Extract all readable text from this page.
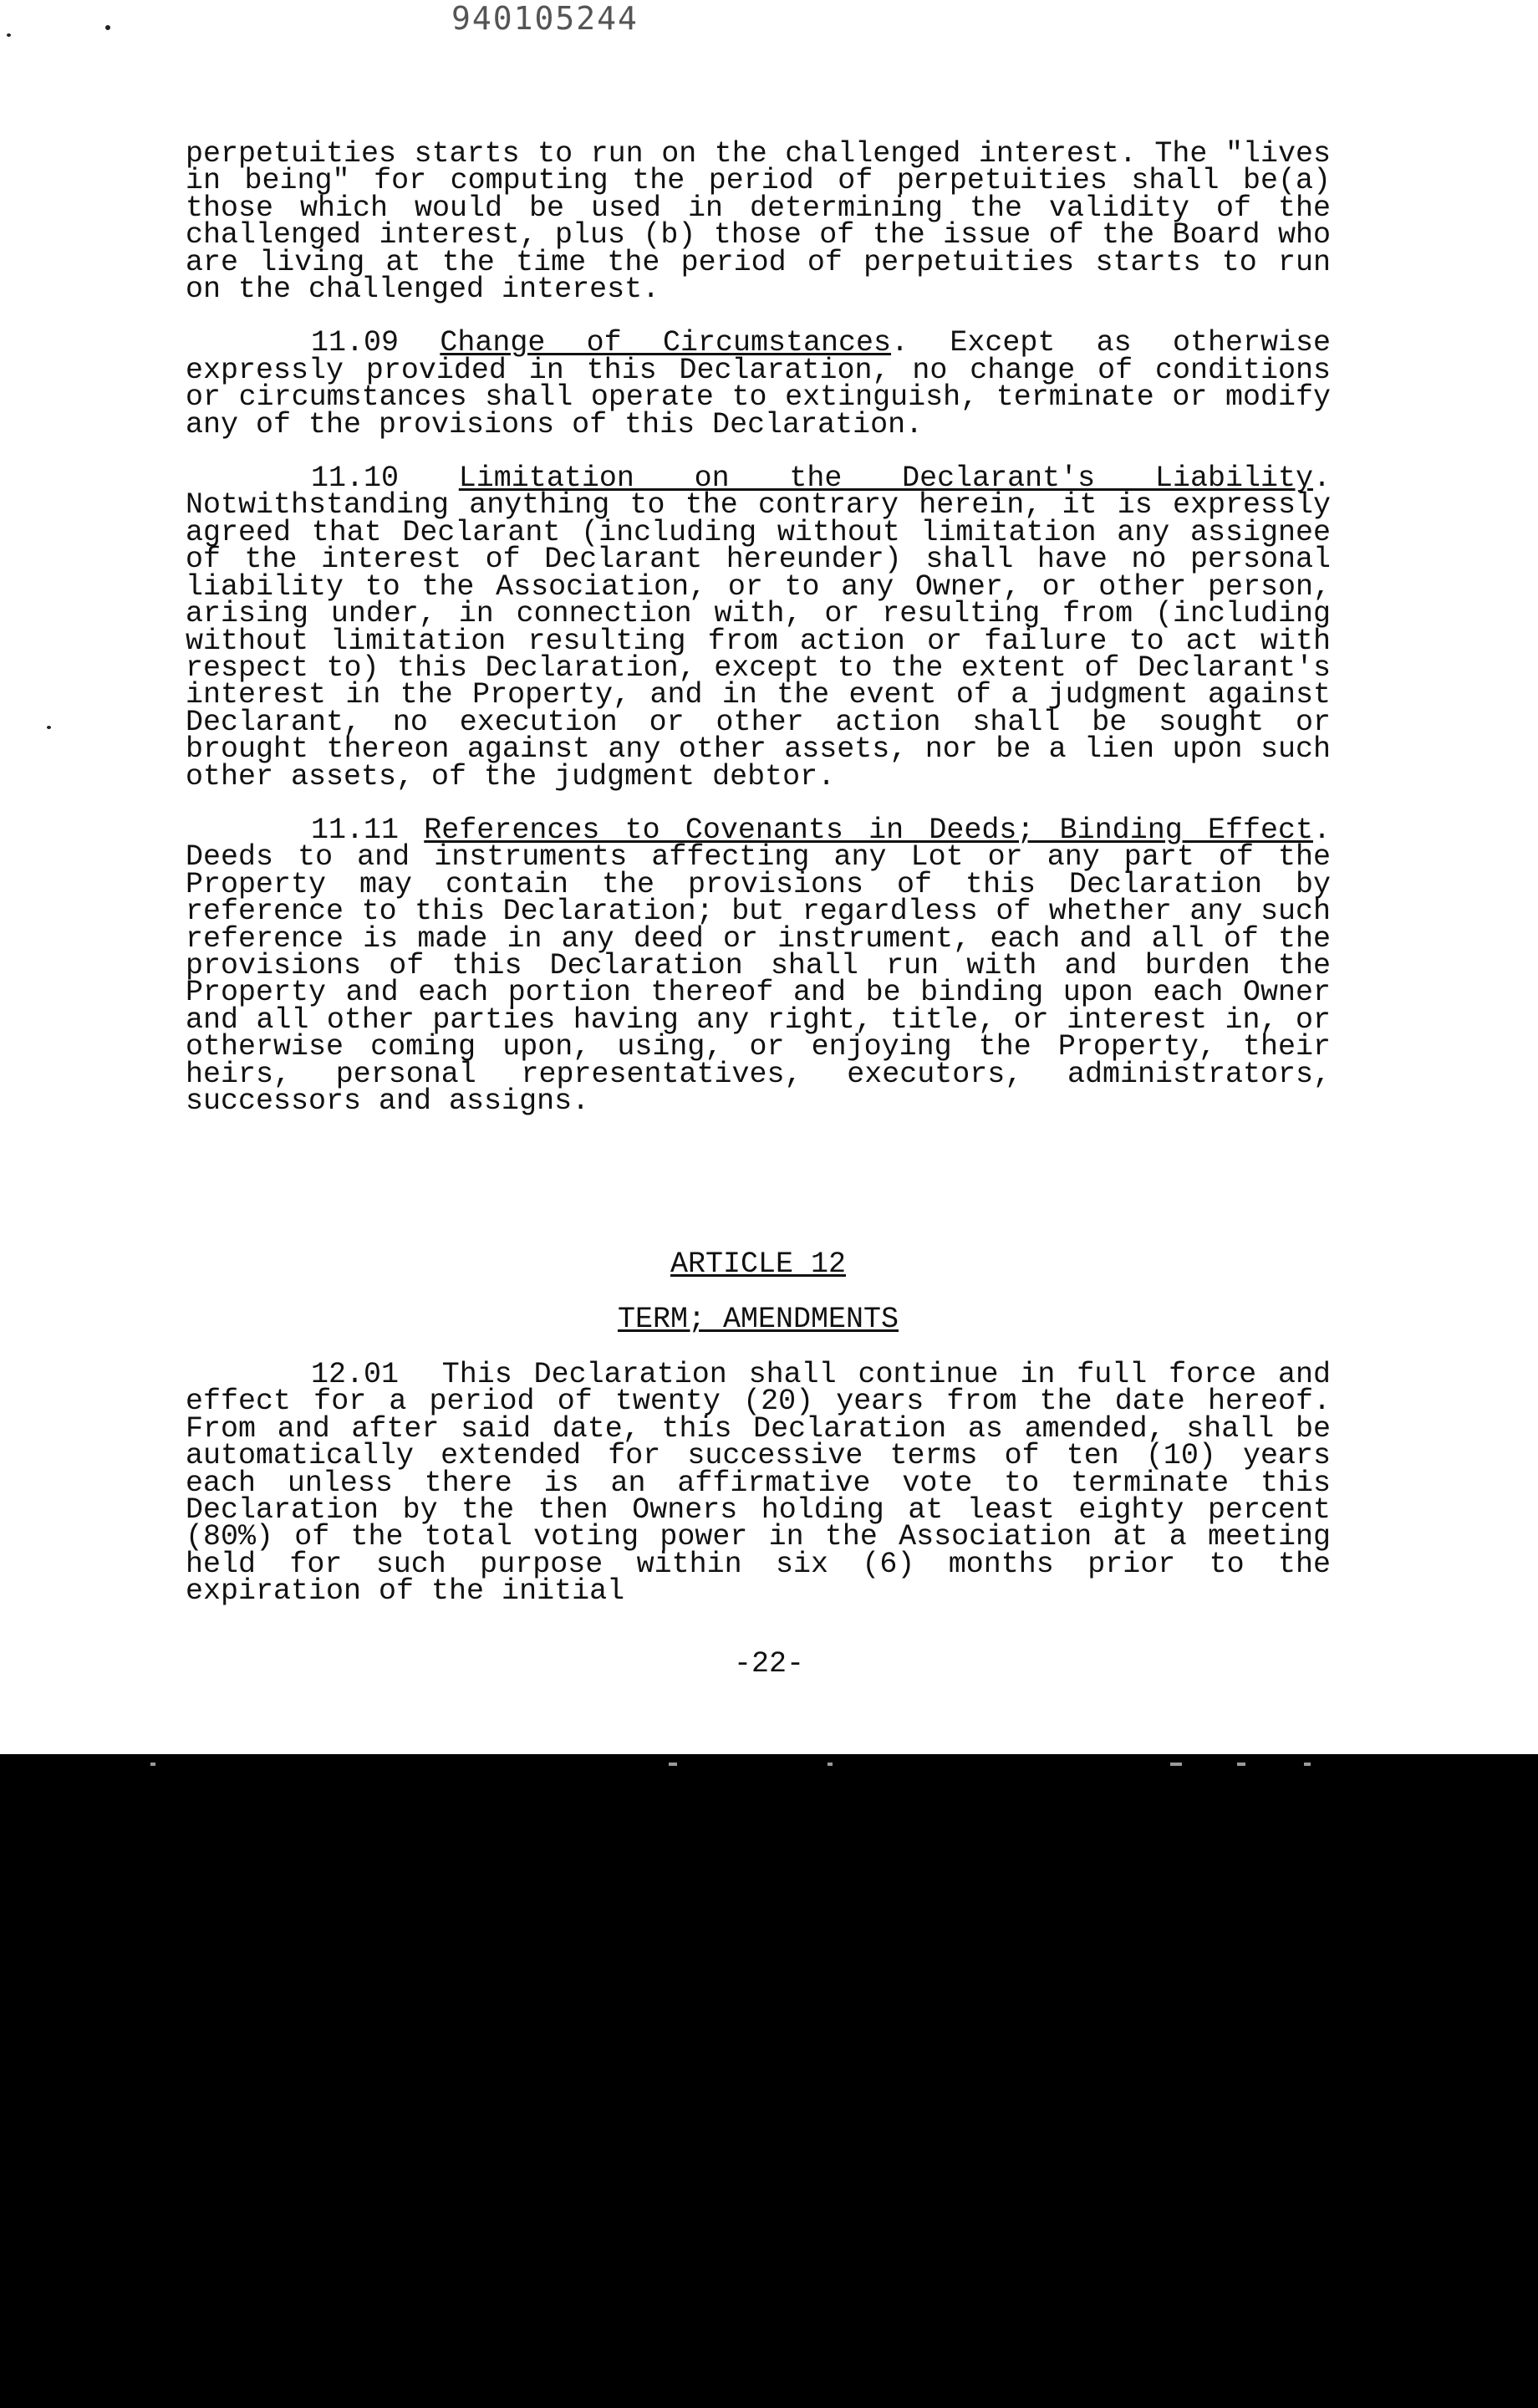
940105244

perpetuities starts to run on the challenged interest. The "lives in being" for computing the period of perpetuities shall be(a) those which would be used in determining the validity of the challenged interest, plus (b) those of the issue of the Board who are living at the time the period of perpetuities starts to run on the challenged interest.

11.09 Change of Circumstances. Except as otherwise expressly provided in this Declaration, no change of conditions or circumstances shall operate to extinguish, terminate or modify any of the provisions of this Declaration.

11.10 Limitation on the Declarant's Liability. Notwithstanding anything to the contrary herein, it is expressly agreed that Declarant (including without limitation any assignee of the interest of Declarant hereunder) shall have no personal liability to the Association, or to any Owner, or other person, arising under, in connection with, or resulting from (including without limitation resulting from action or failure to act with respect to) this Declaration, except to the extent of Declarant's interest in the Property, and in the event of a judgment against Declarant, no execution or other action shall be sought or brought thereon against any other assets, nor be a lien upon such other assets, of the judgment debtor.

11.11 References to Covenants in Deeds; Binding Effect. Deeds to and instruments affecting any Lot or any part of the Property may contain the provisions of this Declaration by reference to this Declaration; but regardless of whether any such reference is made in any deed or instrument, each and all of the provisions of this Declaration shall run with and burden the Property and each portion thereof and be binding upon each Owner and all other parties having any right, title, or interest in, or otherwise coming upon, using, or enjoying the Property, their heirs, personal representatives, executors, administrators, successors and assigns.

ARTICLE 12
TERM; AMENDMENTS

12.01 This Declaration shall continue in full force and effect for a period of twenty (20) years from the date hereof. From and after said date, this Declaration as amended, shall be automatically extended for successive terms of ten (10) years each unless there is an affirmative vote to terminate this Declaration by the then Owners holding at least eighty percent (80%) of the total voting power in the Association at a meeting held for such purpose within six (6) months prior to the expiration of the initial

-22-
